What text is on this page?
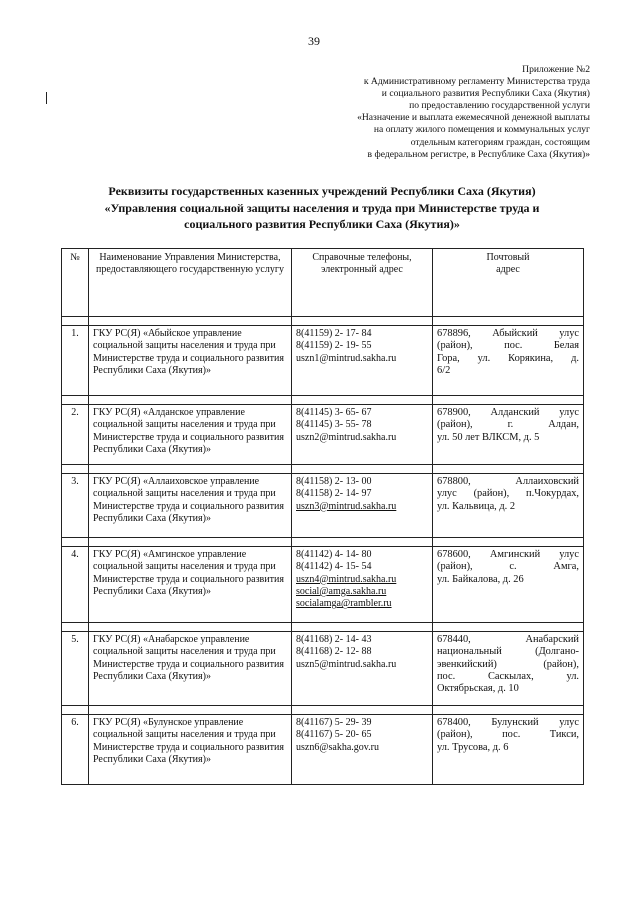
39
Приложение №2
к Административному регламенту Министерства труда
и социального развития Республики Саха (Якутия)
по предоставлению государственной услуги
«Назначение и выплата ежемесячной денежной выплаты
на оплату жилого помещения и коммунальных услуг
отдельным категориям граждан, состоящим
в федеральном регистре, в Республике Саха (Якутия)»
Реквизиты государственных казенных учреждений Республики Саха (Якутия)
«Управления социальной защиты населения и труда при Министерстве труда и
социального развития Республики Саха (Якутия)»
№	Наименование Управления Министерства, предоставляющего государственную услугу	Справочные телефоны, электронный адрес	Почтовый адрес

1.	ГКУ РС(Я) «Абыйское управление социальной защиты населения и труда при Министерстве труда и социального развития Республики Саха (Якутия)»	8(41159) 2- 17- 84
8(41159) 2- 19- 55
uszn1@mintrud.sakha.ru	678896, Абыйский улус
(район), пос. Белая
Гора, ул. Корякина, д.
6/2

2.	ГКУ РС(Я) «Алданское управление социальной защиты населения и труда при Министерстве труда и социального развития Республики Саха (Якутия)»	8(41145) 3- 65- 67
8(41145) 3- 55- 78
uszn2@mintrud.sakha.ru	678900, Алданский улус
(район), г. Алдан,
ул. 50 лет ВЛКСМ, д. 5

3.	ГКУ РС(Я) «Аллаиховское управление социальной защиты населения и труда при Министерстве труда и социального развития Республики Саха (Якутия)»	8(41158) 2- 13- 00
8(41158) 2- 14- 97
uszn3@mintrud.sakha.ru	678800, Аллаиховский
улус (район), п.Чокурдах,
ул. Кальвица, д. 2

4.	ГКУ РС(Я) «Амгинское управление социальной защиты населения и труда при Министерстве труда и социального развития Республики Саха (Якутия)»	8(41142) 4- 14- 80
8(41142) 4- 15- 54
uszn4@mintrud.sakha.ru
social@amga.sakha.ru
socialamga@rambler.ru	678600, Амгинский улус
(район), с. Амга,
ул. Байкалова, д. 26

5.	ГКУ РС(Я) «Анабарское управление социальной защиты населения и труда при Министерстве труда и социального развития Республики Саха (Якутия)»	8(41168) 2- 14- 43
8(41168) 2- 12- 88
uszn5@mintrud.sakha.ru	678440, Анабарский
национальный (Долгано-
эвенкийский) (район),
пос. Саскылах, ул.
Октябрьская, д. 10

6.	ГКУ РС(Я) «Булунское управление социальной защиты населения и труда при Министерстве труда и социального развития Республики Саха (Якутия)»	8(41167) 5- 29- 39
8(41167) 5- 20- 65
uszn6@sakha.gov.ru	678400, Булунский улус
(район), пос. Тикси,
ул. Трусова, д. 6
